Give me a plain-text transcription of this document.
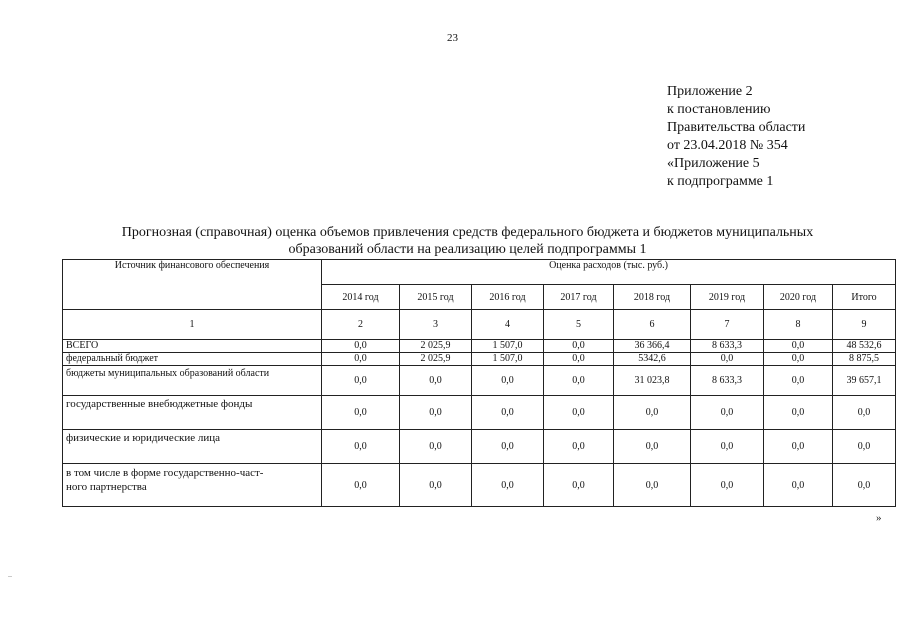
23
Приложение 2
к постановлению
Правительства области
от 23.04.2018 № 354
«Приложение 5
к подпрограмме 1
Прогнозная (справочная) оценка объемов привлечения средств федерального бюджета и бюджетов муниципальных
образований области на реализацию целей подпрограммы 1
Источник финансового обеспечения	Оценка расходов (тыс. руб.)							
	2014 год	2015 год	2016 год	2017 год	2018 год	2019 год	2020 год	Итого
1	2	3	4	5	6	7	8	9
ВСЕГО	0,0	2 025,9	1 507,0	0,0	36 366,4	8 633,3	0,0	48 532,6
федеральный бюджет	0,0	2 025,9	1 507,0	0,0	5342,6	0,0	0,0	8 875,5
бюджеты муниципальных образований области	0,0	0,0	0,0	0,0	31 023,8	8 633,3	0,0	39 657,1
государственные внебюджетные фонды	0,0	0,0	0,0	0,0	0,0	0,0	0,0	0,0
физические и юридические лица	0,0	0,0	0,0	0,0	0,0	0,0	0,0	0,0

в том числе в форме государственно-част-
ного партнерства	0,0	0,0	0,0	0,0	0,0	0,0	0,0	0,0
»
..
